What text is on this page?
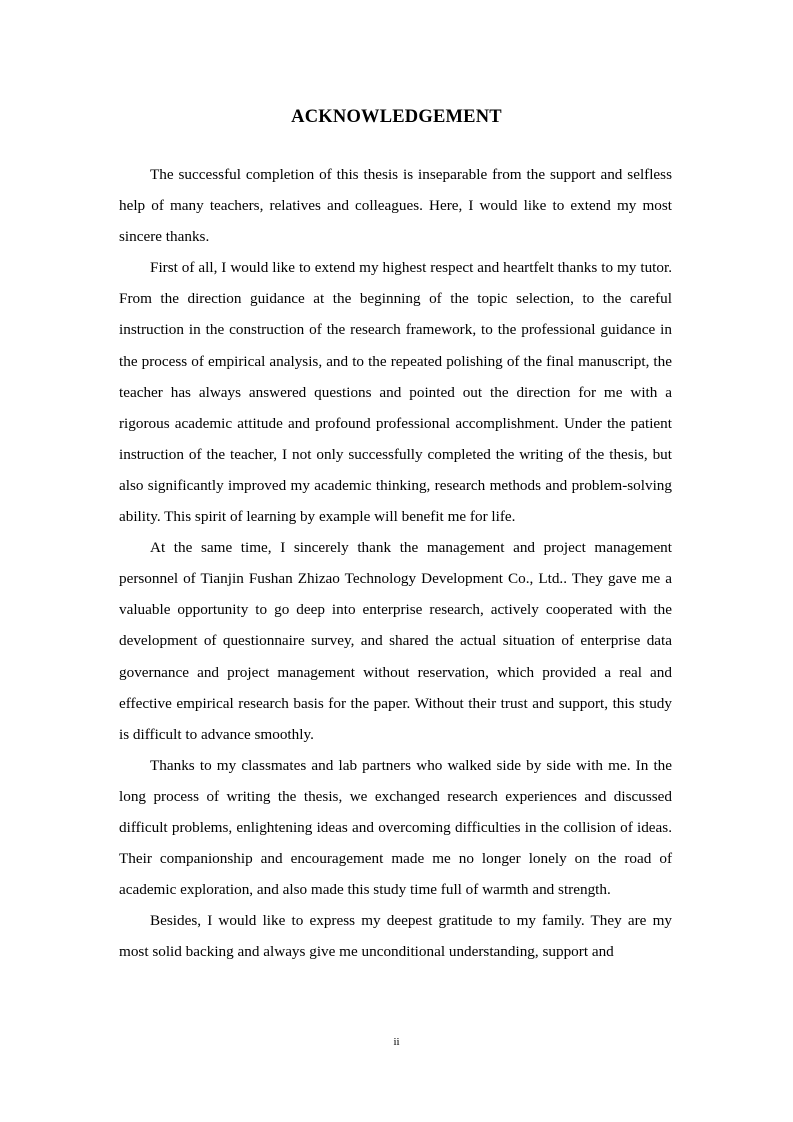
ACKNOWLEDGEMENT

The successful completion of this thesis is inseparable from the support and selfless help of many teachers, relatives and colleagues. Here, I would like to extend my most sincere thanks.

First of all, I would like to extend my highest respect and heartfelt thanks to my tutor. From the direction guidance at the beginning of the topic selection, to the careful instruction in the construction of the research framework, to the professional guidance in the process of empirical analysis, and to the repeated polishing of the final manuscript, the teacher has always answered questions and pointed out the direction for me with a rigorous academic attitude and profound professional accomplishment. Under the patient instruction of the teacher, I not only successfully completed the writing of the thesis, but also significantly improved my academic thinking, research methods and problem-solving ability. This spirit of learning by example will benefit me for life.

At the same time, I sincerely thank the management and project management personnel of Tianjin Fushan Zhizao Technology Development Co., Ltd.. They gave me a valuable opportunity to go deep into enterprise research, actively cooperated with the development of questionnaire survey, and shared the actual situation of enterprise data governance and project management without reservation, which provided a real and effective empirical research basis for the paper. Without their trust and support, this study is difficult to advance smoothly.

Thanks to my classmates and lab partners who walked side by side with me. In the long process of writing the thesis, we exchanged research experiences and discussed difficult problems, enlightening ideas and overcoming difficulties in the collision of ideas. Their companionship and encouragement made me no longer lonely on the road of academic exploration, and also made this study time full of warmth and strength.

Besides, I would like to express my deepest gratitude to my family. They are my most solid backing and always give me unconditional understanding, support and

ii
